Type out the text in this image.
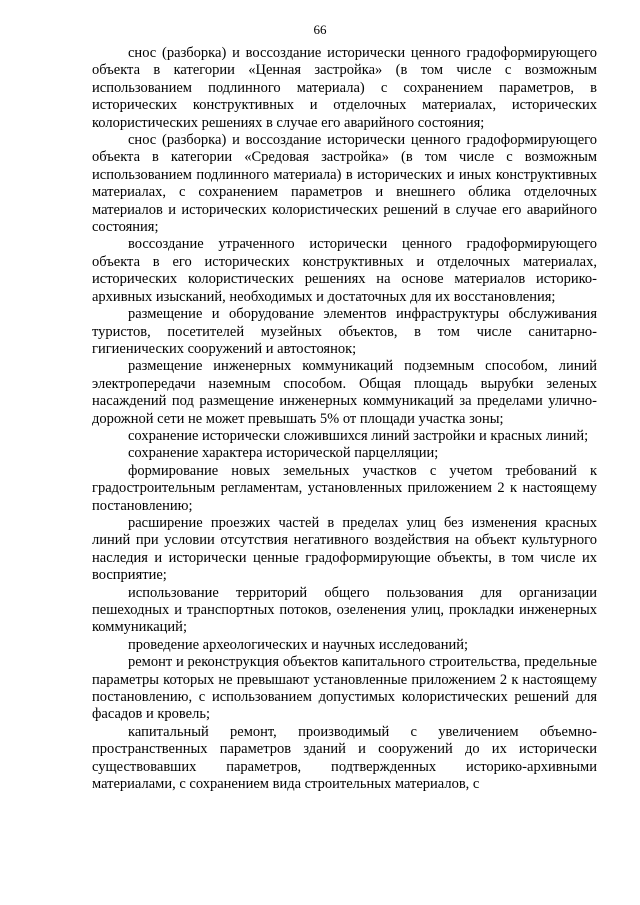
66

снос (разборка) и воссоздание исторически ценного градоформирующего объекта в категории «Ценная застройка» (в том числе с возможным использованием подлинного материала) с сохранением параметров, в исторических конструктивных и отделочных материалах, исторических колористических решениях в случае его аварийного состояния;

снос (разборка) и воссоздание исторически ценного градоформирующего объекта в категории «Средовая застройка» (в том числе с возможным использованием подлинного материала) в исторических и иных конструктивных материалах, с сохранением параметров и внешнего облика отделочных материалов и исторических колористических решений в случае его аварийного состояния;

воссоздание утраченного исторически ценного градоформирующего объекта в его исторических конструктивных и отделочных материалах, исторических колористических решениях на основе материалов историко-архивных изысканий, необходимых и достаточных для их восстановления;

размещение и оборудование элементов инфраструктуры обслуживания туристов, посетителей музейных объектов, в том числе санитарно-гигиенических сооружений и автостоянок;

размещение инженерных коммуникаций подземным способом, линий электропередачи наземным способом. Общая площадь вырубки зеленых насаждений под размещение инженерных коммуникаций за пределами улично-дорожной сети не может превышать 5% от площади участка зоны;

сохранение исторически сложившихся линий застройки и красных линий;

сохранение характера исторической парцелляции;

формирование новых земельных участков с учетом требований к градостроительным регламентам, установленных приложением 2 к настоящему постановлению;

расширение проезжих частей в пределах улиц без изменения красных линий при условии отсутствия негативного воздействия на объект культурного наследия и исторически ценные градоформирующие объекты, в том числе их восприятие;

использование территорий общего пользования для организации пешеходных и транспортных потоков, озеленения улиц, прокладки инженерных коммуникаций;

проведение археологических и научных исследований;

ремонт и реконструкция объектов капитального строительства, предельные параметры которых не превышают установленные приложением 2 к настоящему постановлению, с использованием допустимых колористических решений для фасадов и кровель;

капитальный ремонт, производимый с увеличением объемно-пространственных параметров зданий и сооружений до их исторически существовавших параметров, подтвержденных историко-архивными материалами, с сохранением вида строительных материалов, с
